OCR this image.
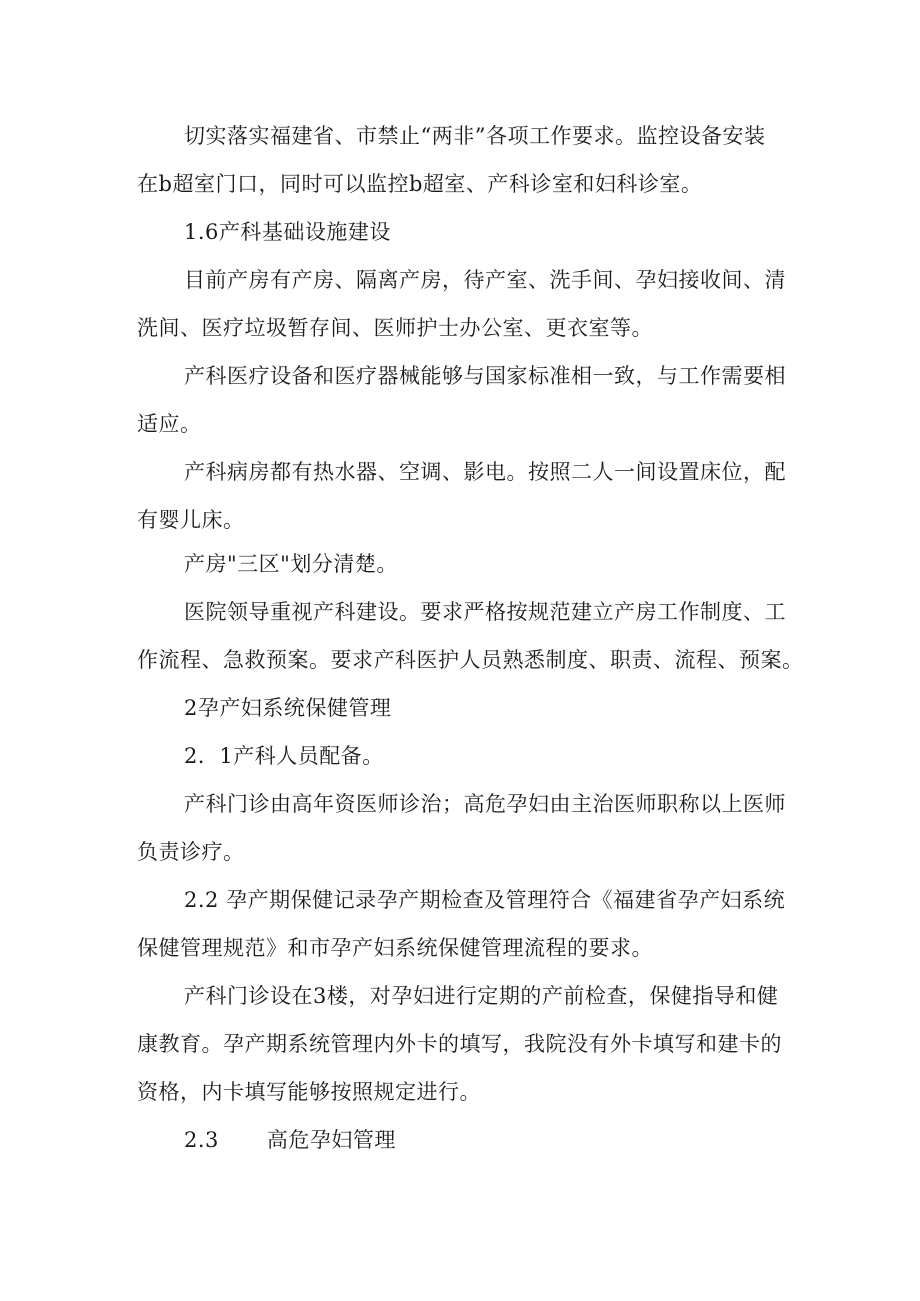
切实落实福建省、市禁止“两非”各项工作要求。监控设备安装

在b超室门口，同时可以监控b超室、产科诊室和妇科诊室。

1.6产科基础设施建设

目前产房有产房、隔离产房，待产室、洗手间、孕妇接收间、清

洗间、医疗垃圾暂存间、医师护士办公室、更衣室等。

产科医疗设备和医疗器械能够与国家标准相一致，与工作需要相

适应。

产科病房都有热水器、空调、影电。按照二人一间设置床位，配

有婴儿床。

产房"三区"划分清楚。

医院领导重视产科建设。要求严格按规范建立产房工作制度、工

作流程、急救预案。要求产科医护人员熟悉制度、职责、流程、预案。

2孕产妇系统保健管理

2．1产科人员配备。

产科门诊由高年资医师诊治；高危孕妇由主治医师职称以上医师

负责诊疗。

2.2 孕产期保健记录孕产期检查及管理符合《福建省孕产妇系统

保健管理规范》和市孕产妇系统保健管理流程的要求。

产科门诊设在3楼，对孕妇进行定期的产前检查，保健指导和健

康教育。孕产期系统管理内外卡的填写，我院没有外卡填写和建卡的

资格，内卡填写能够按照规定进行。

2.3 高危孕妇管理
